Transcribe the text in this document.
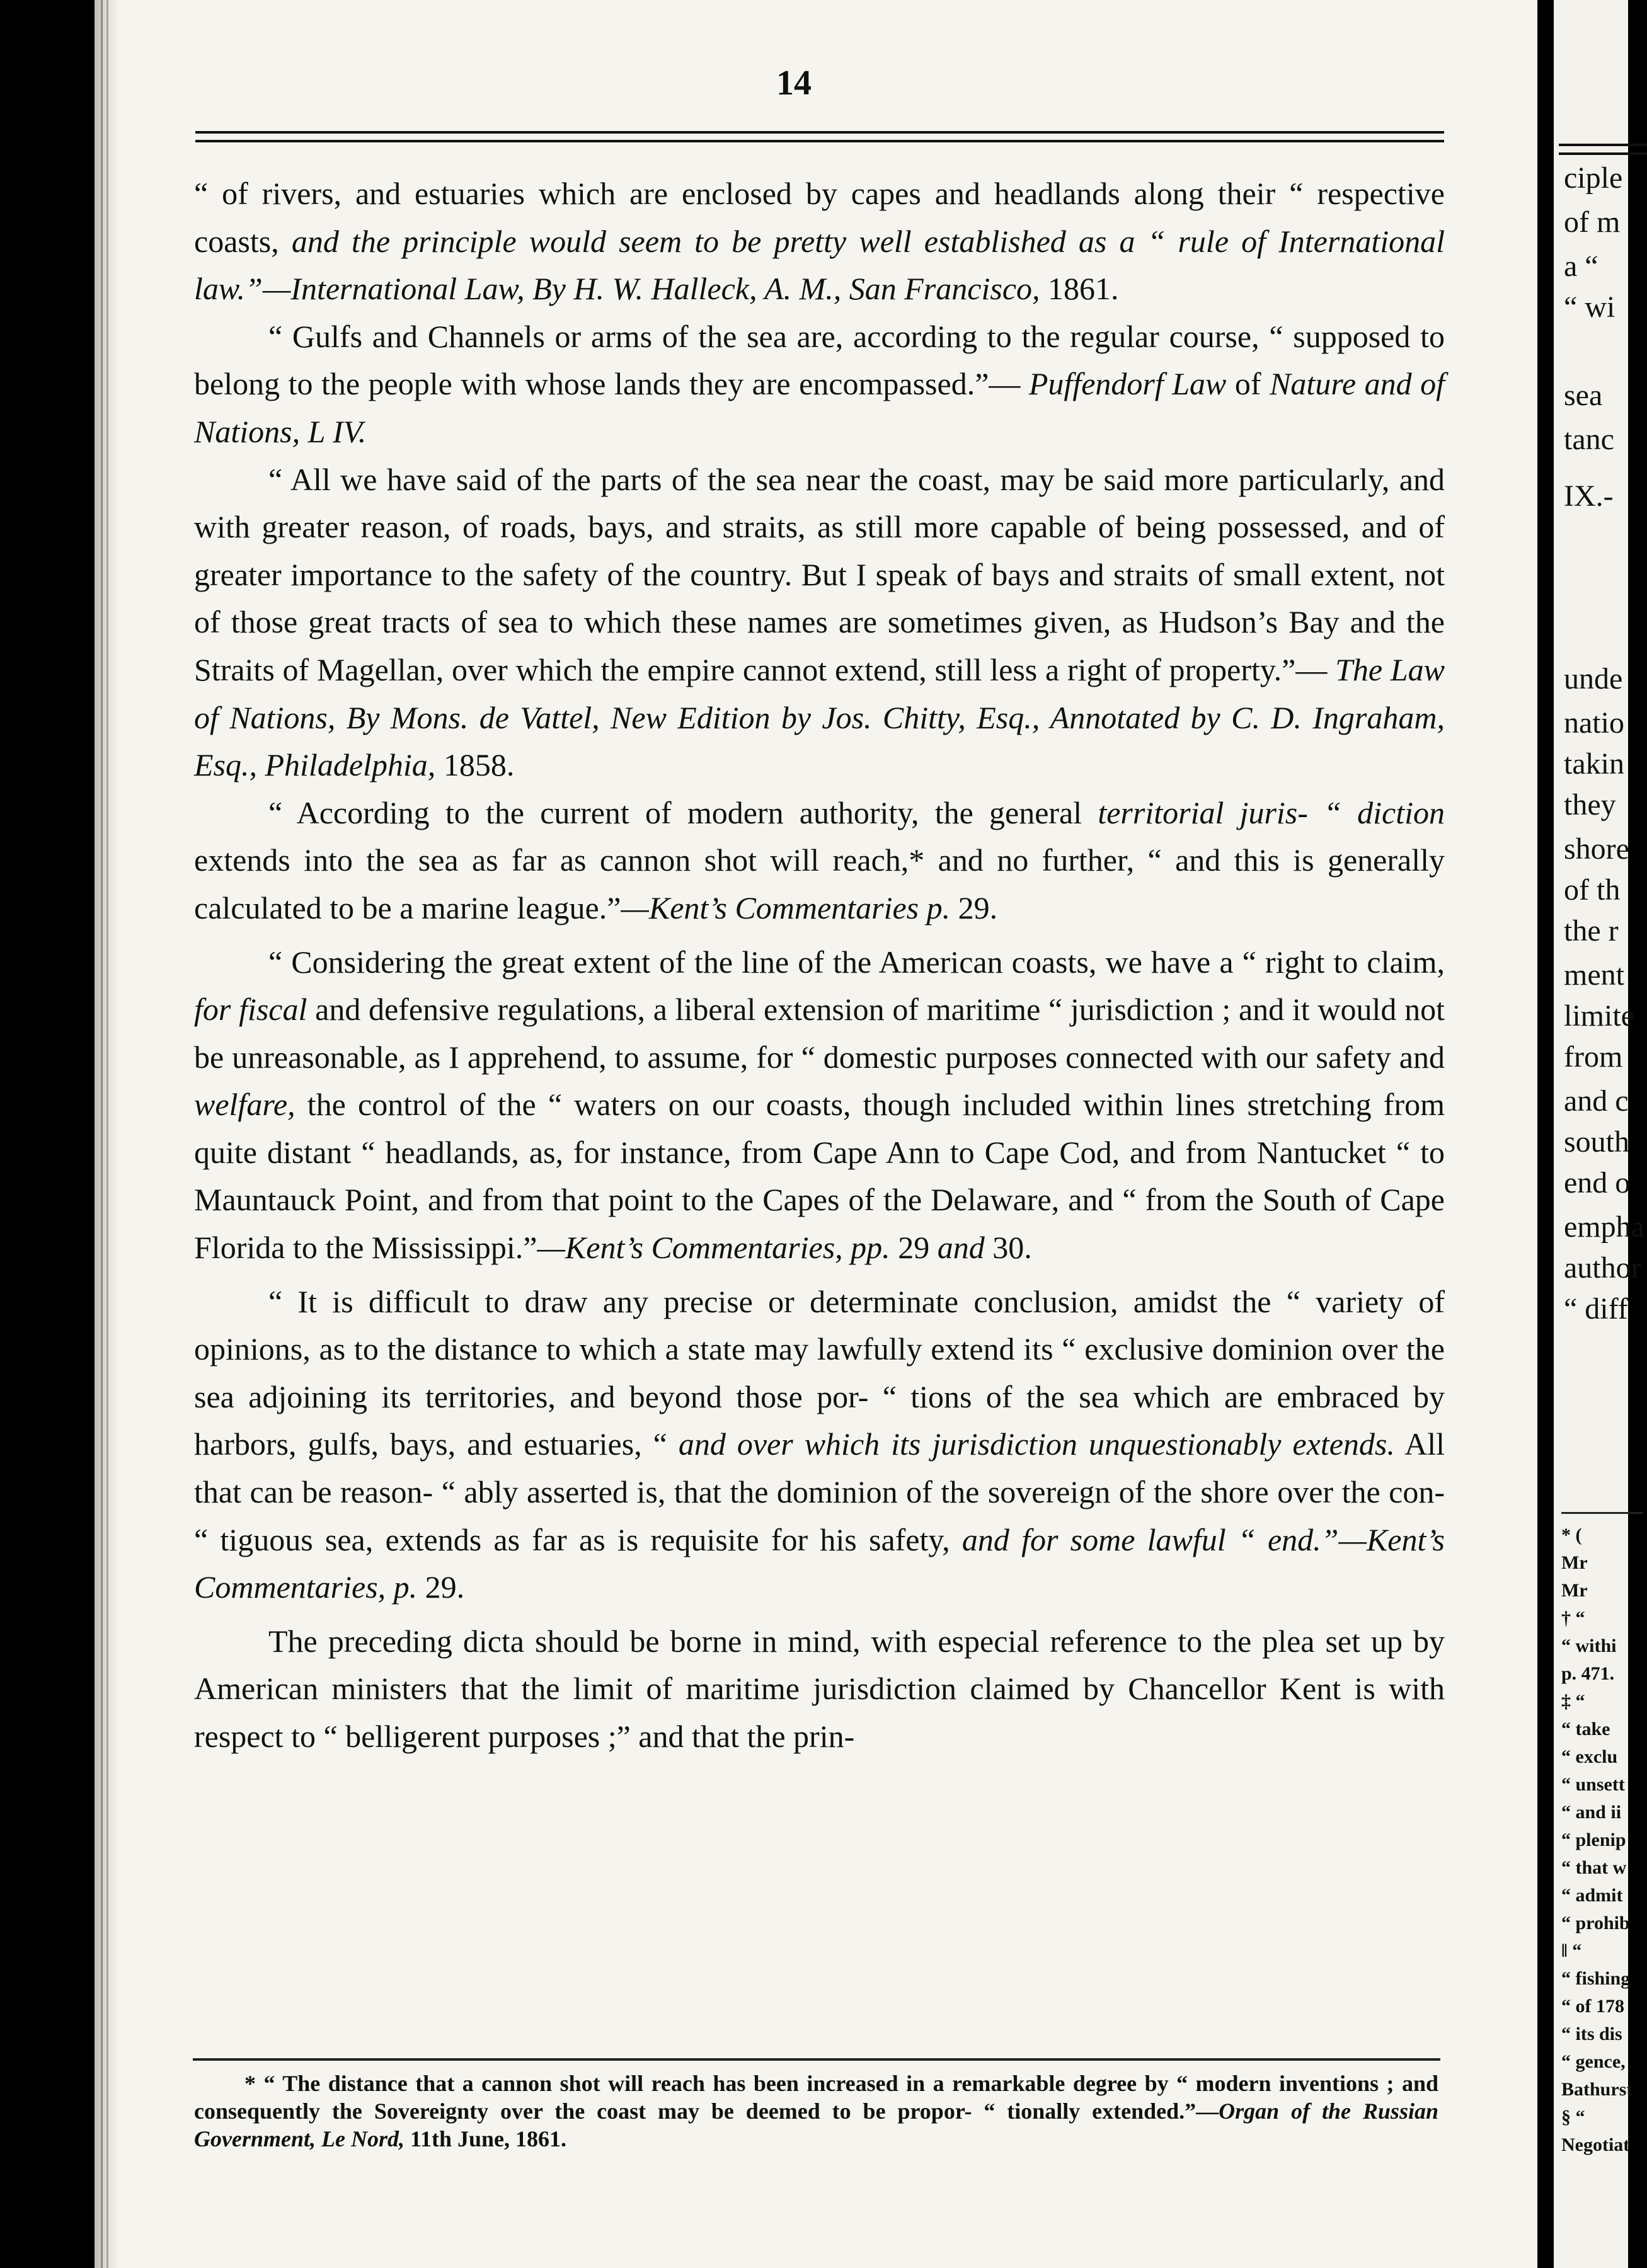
14

“ of rivers, and estuaries which are enclosed by capes and headlands along their “ respective coasts, and the principle would seem to be pretty well established as a “ rule of International law.”—International Law, By H. W. Halleck, A. M., San Francisco, 1861.

“ Gulfs and Channels or arms of the sea are, according to the regular course, “ supposed to belong to the people with whose lands they are encompassed.”— Puffendorf Law of Nature and of Nations, L IV.

“ All we have said of the parts of the sea near the coast, may be said more particularly, and with greater reason, of roads, bays, and straits, as still more capable of being possessed, and of greater importance to the safety of the country. But I speak of bays and straits of small extent, not of those great tracts of sea to which these names are sometimes given, as Hudson’s Bay and the Straits of Magellan, over which the empire cannot extend, still less a right of property.”— The Law of Nations, By Mons. de Vattel, New Edition by Jos. Chitty, Esq., Annotated by C. D. Ingraham, Esq., Philadelphia, 1858.

“ According to the current of modern authority, the general territorial juris- “ diction extends into the sea as far as cannon shot will reach,* and no further, “ and this is generally calculated to be a marine league.”—Kent’s Commentaries p. 29.

“ Considering the great extent of the line of the American coasts, we have a “ right to claim, for fiscal and defensive regulations, a liberal extension of maritime “ jurisdiction ; and it would not be unreasonable, as I apprehend, to assume, for “ domestic purposes connected with our safety and welfare, the control of the “ waters on our coasts, though included within lines stretching from quite distant “ headlands, as, for instance, from Cape Ann to Cape Cod, and from Nantucket “ to Mauntauck Point, and from that point to the Capes of the Delaware, and “ from the South of Cape Florida to the Mississippi.”—Kent’s Commentaries, pp. 29 and 30.

“ It is difficult to draw any precise or determinate conclusion, amidst the “ variety of opinions, as to the distance to which a state may lawfully extend its “ exclusive dominion over the sea adjoining its territories, and beyond those por- “ tions of the sea which are embraced by harbors, gulfs, bays, and estuaries, “ and over which its jurisdiction unquestionably extends. All that can be reason- “ ably asserted is, that the dominion of the sovereign of the shore over the con- “ tiguous sea, extends as far as is requisite for his safety, and for some lawful “ end.”—Kent’s Commentaries, p. 29.

The preceding dicta should be borne in mind, with especial reference to the plea set up by American ministers that the limit of maritime jurisdiction claimed by Chancellor Kent is with respect to “ belligerent purposes ;” and that the prin-

* “ The distance that a cannon shot will reach has been increased in a remarkable degree by “ modern inventions ; and consequently the Sovereignty over the coast may be deemed to be propor- “ tionally extended.”—Organ of the Russian Government, Le Nord, 11th June, 1861.
ciple
of m
a “
“ wi
sea
tanc
IX.-
unde
natio
takin
they
shore
of th
the r
ment
limite
from
and c
south
end o
empha
author
“ diff
* (
Mr
Mr
† “
“ withi
p. 471.
‡ “
“ take
“ exclu
“ unsett
“ and ii
“ plenip
“ that w
“ admit
“ prohib
‖ “
“ fishing
“ of 178
“ its dis
“ gence,
Bathurst
§ “
Negotiat
